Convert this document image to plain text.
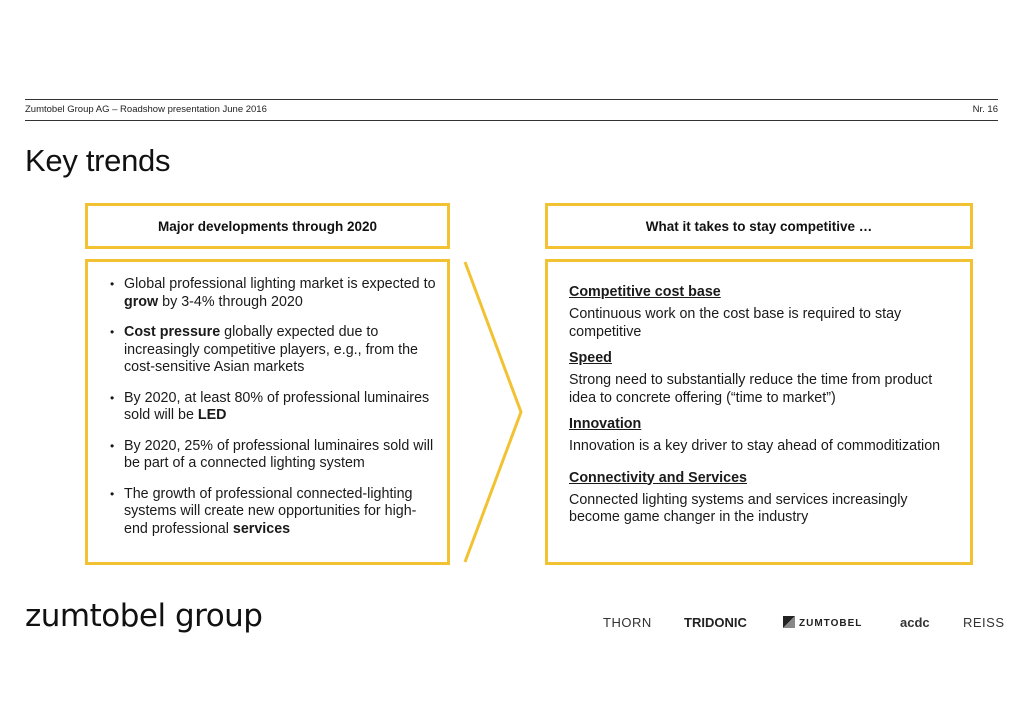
Zumtobel Group AG – Roadshow presentation June 2016	Nr. 16
Key trends
Major developments through 2020
• Global professional lighting market is expected to grow by 3-4% through 2020
• Cost pressure globally expected due to increasingly competitive players, e.g., from the cost-sensitive Asian markets
• By 2020, at least 80% of professional luminaires sold will be LED
• By 2020, 25% of professional luminaires sold will be part of a connected lighting system
• The growth of professional connected-lighting systems will create new opportunities for high-end professional services
What it takes to stay competitive …
Competitive cost base
Continuous work on the cost base is required to stay competitive
Speed
Strong need to substantially reduce the time from product idea to concrete offering (“time to market”)
Innovation
Innovation is a key driver to stay ahead of commoditization
Connectivity and Services
Connected lighting systems and services increasingly become game changer in the industry
zumtobel group	THORN TRIDONIC	ZUMTOBEL	acdc	REISS
